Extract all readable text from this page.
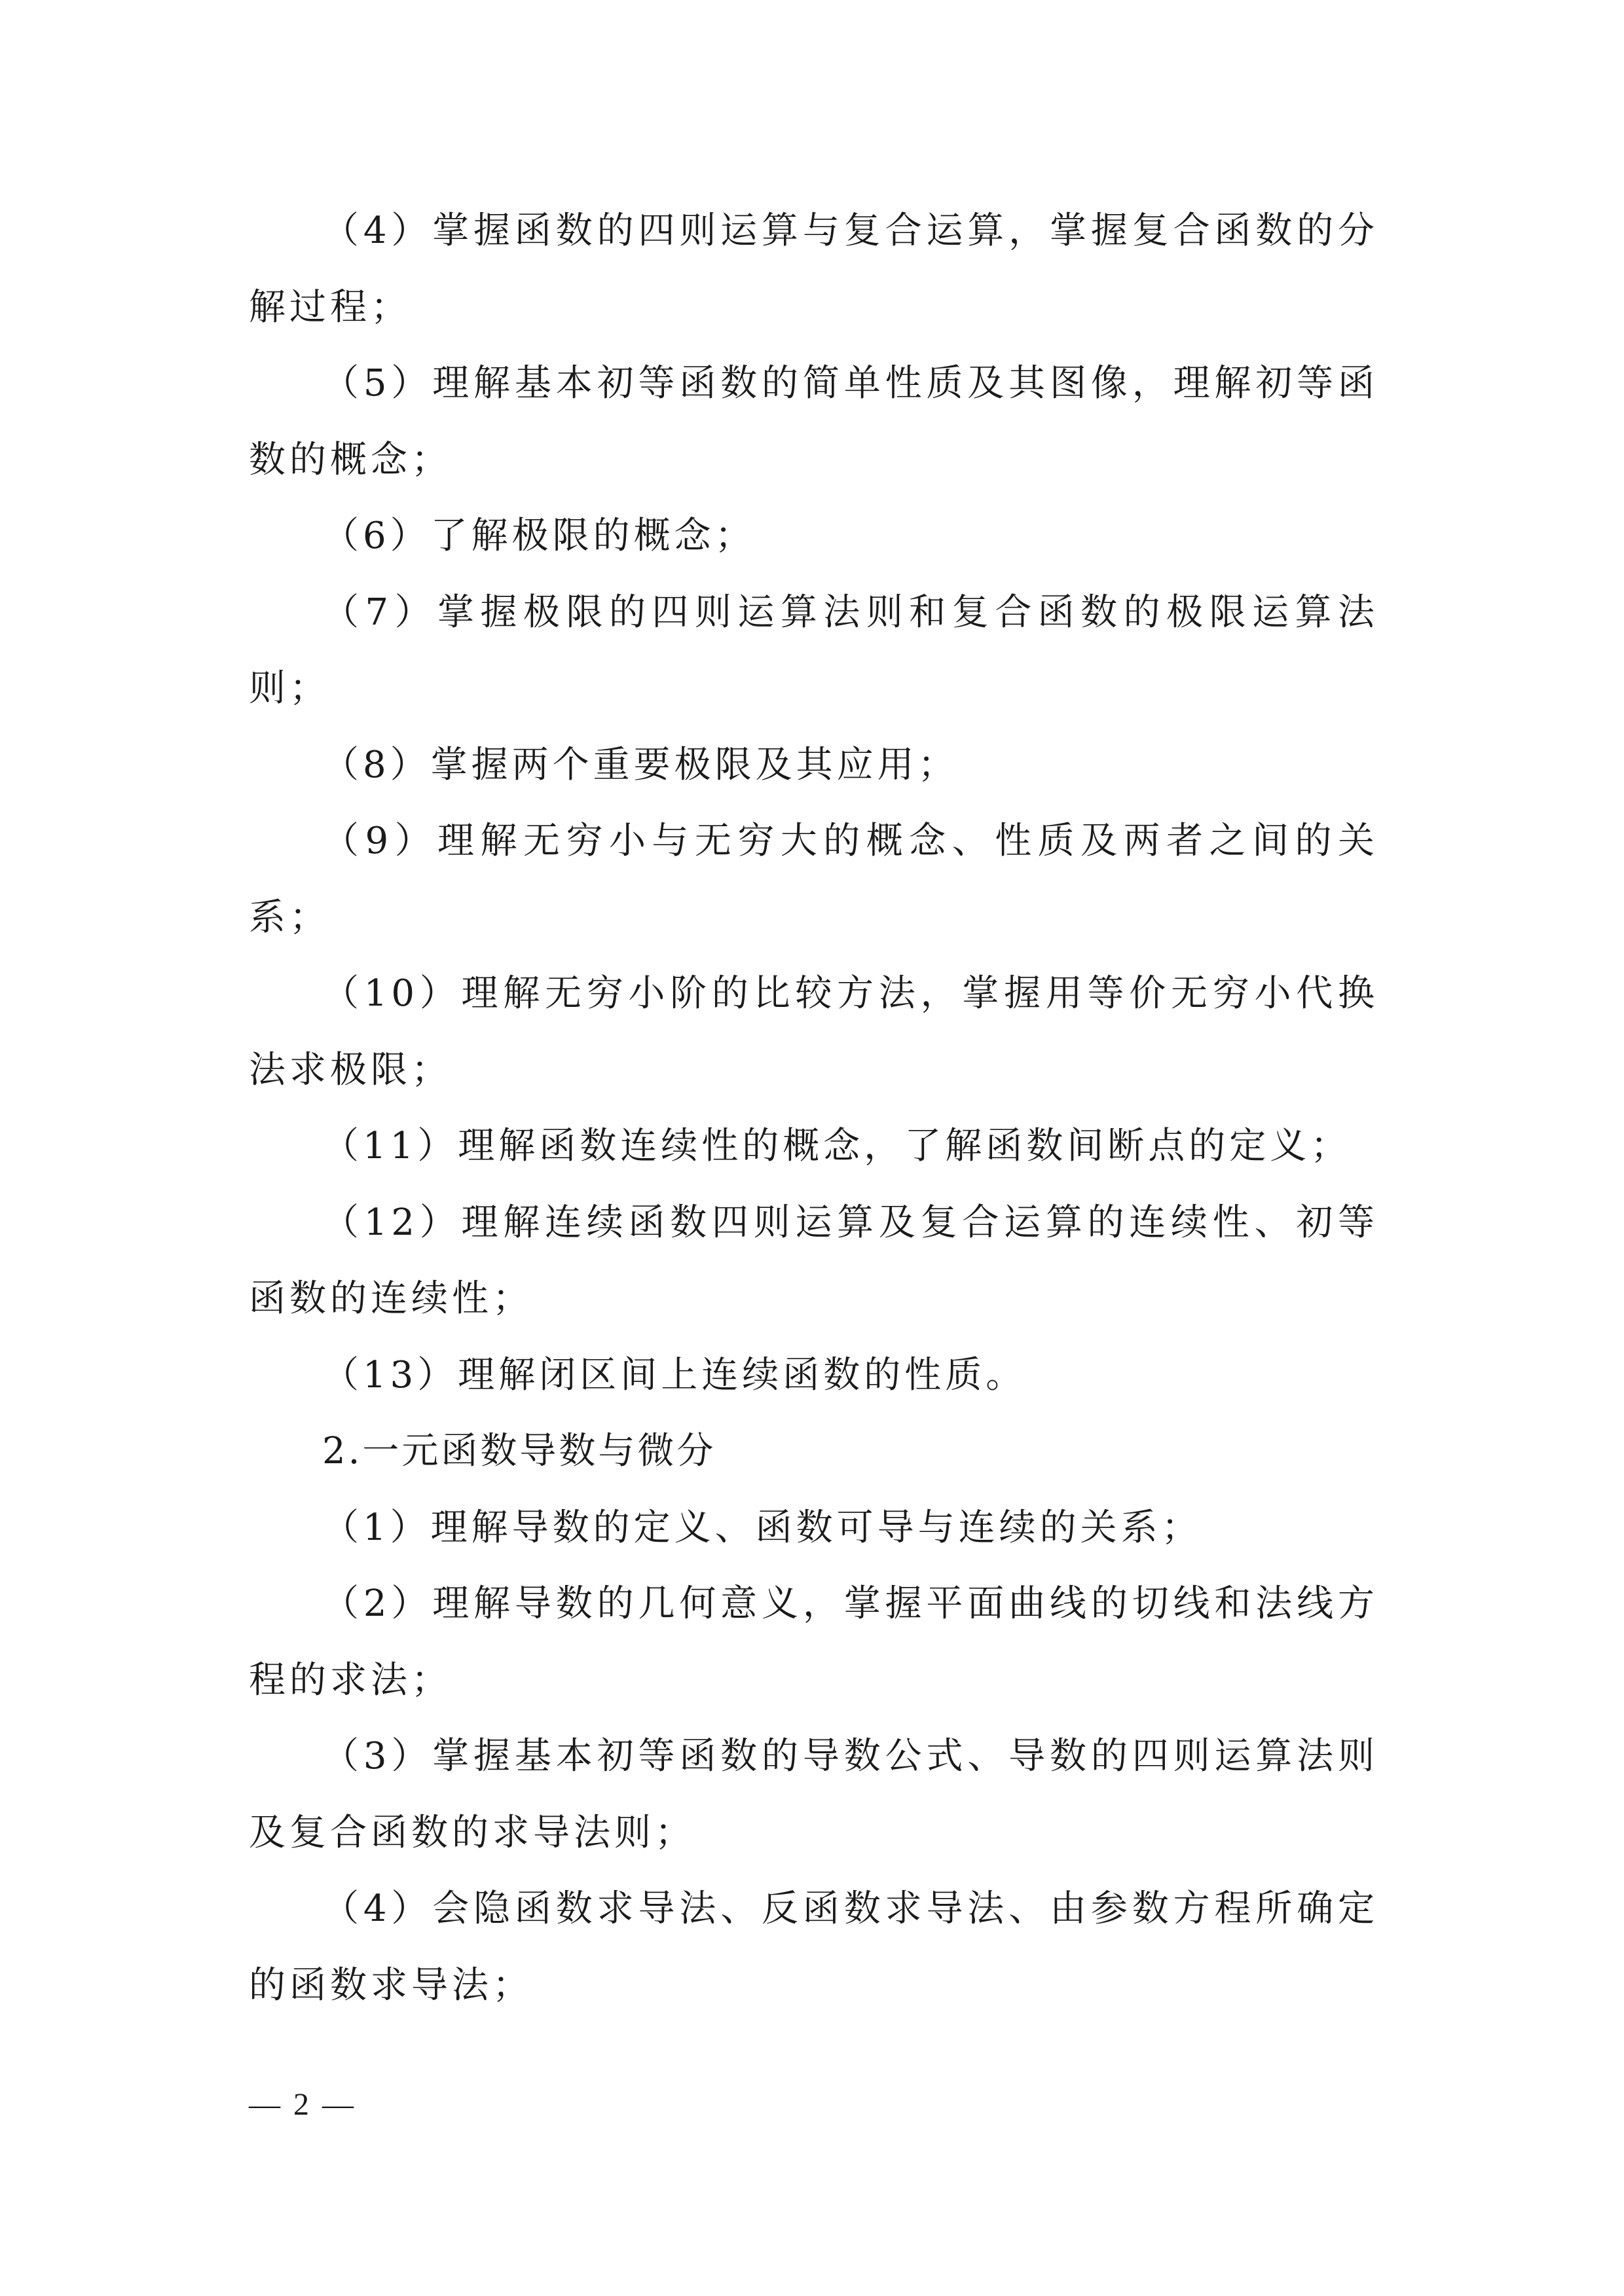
（4）掌握函数的四则运算与复合运算，掌握复合函数的分解过程；

（5）理解基本初等函数的简单性质及其图像，理解初等函数的概念；

（6）了解极限的概念；

（7）掌握极限的四则运算法则和复合函数的极限运算法则；

（8）掌握两个重要极限及其应用；

（9）理解无穷小与无穷大的概念、性质及两者之间的关系；

（10）理解无穷小阶的比较方法，掌握用等价无穷小代换法求极限；

（11）理解函数连续性的概念，了解函数间断点的定义；

（12）理解连续函数四则运算及复合运算的连续性、初等函数的连续性；

（13）理解闭区间上连续函数的性质。

2.一元函数导数与微分

（1）理解导数的定义、函数可导与连续的关系；

（2）理解导数的几何意义，掌握平面曲线的切线和法线方程的求法；

（3）掌握基本初等函数的导数公式、导数的四则运算法则及复合函数的求导法则；

（4）会隐函数求导法、反函数求导法、由参数方程所确定的函数求导法；

— 2 —
